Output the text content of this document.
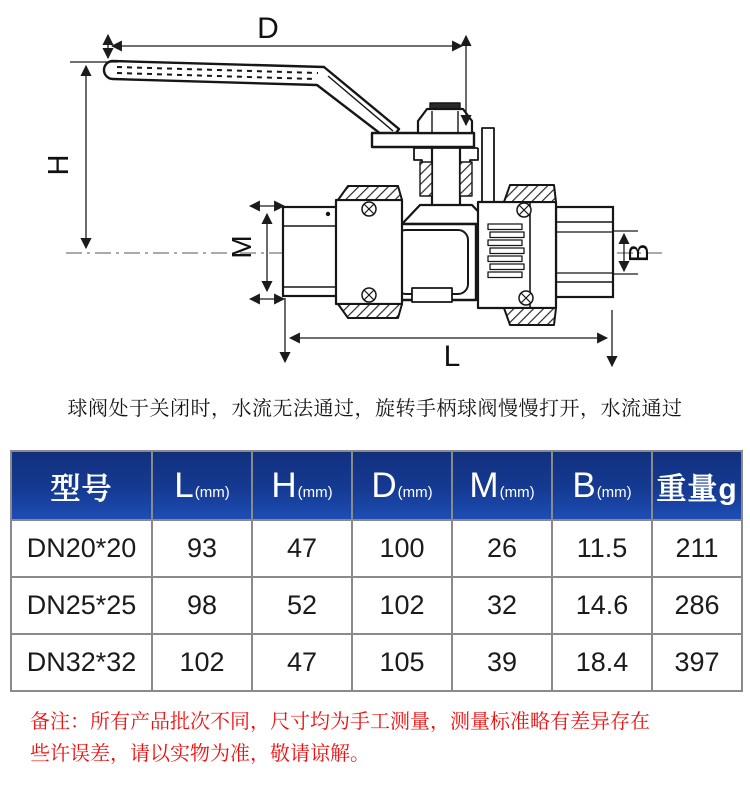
D
H
M	B
L
球阀处于关闭时，水流无法通过，旋转手柄球阀慢慢打开，水流通过
型号	L (mm)	H (mm)	D (mm)	M (mm)	B (mm)	重量g
DN20*20	93	47	100	26	11.5	211
DN25*25	98	52	102	32	14.6	286
DN32*32	102	47	105	39	18.4	397
备注：所有产品批次不同，尺寸均为手工测量，测量标准略有差异存在
些许误差，请以实物为准，敬请谅解。
